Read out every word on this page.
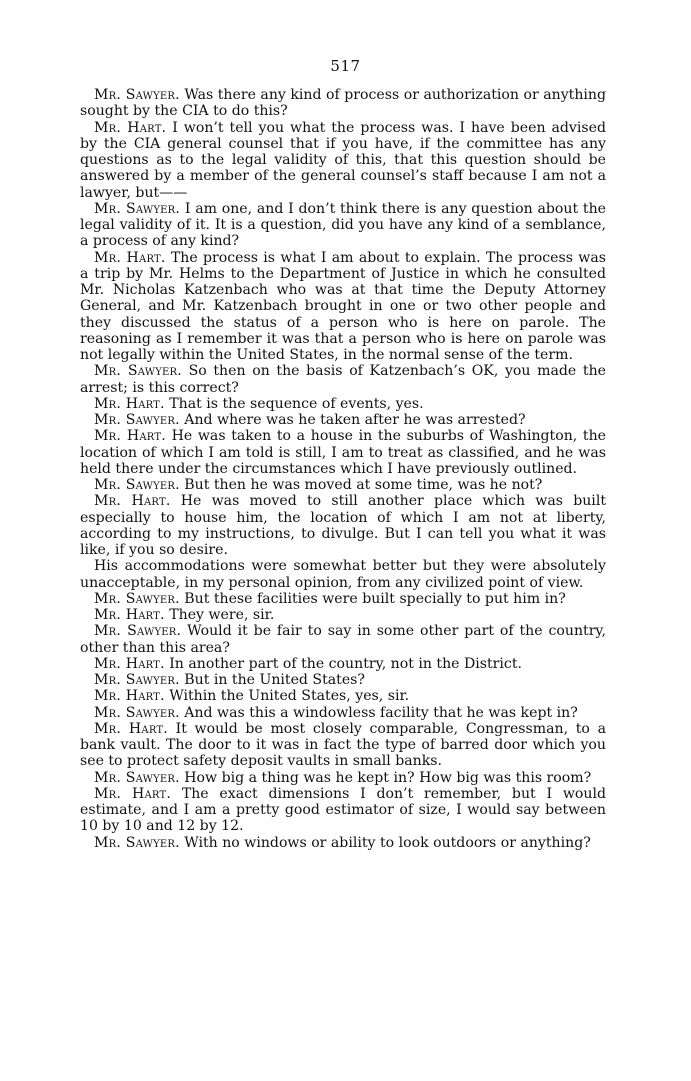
517

Mr. Sawyer. Was there any kind of process or authorization or anything sought by the CIA to do this?

Mr. Hart. I won’t tell you what the process was. I have been advised by the CIA general counsel that if you have, if the committee has any questions as to the legal validity of this, that this question should be answered by a member of the general counsel’s staff because I am not a lawyer, but——

Mr. Sawyer. I am one, and I don’t think there is any question about the legal validity of it. It is a question, did you have any kind of a semblance, a process of any kind?

Mr. Hart. The process is what I am about to explain. The process was a trip by Mr. Helms to the Department of Justice in which he consulted Mr. Nicholas Katzenbach who was at that time the Deputy Attorney General, and Mr. Katzenbach brought in one or two other people and they discussed the status of a person who is here on parole. The reasoning as I remember it was that a person who is here on parole was not legally within the United States, in the normal sense of the term.

Mr. Sawyer. So then on the basis of Katzenbach’s OK, you made the arrest; is this correct?

Mr. Hart. That is the sequence of events, yes.

Mr. Sawyer. And where was he taken after he was arrested?

Mr. Hart. He was taken to a house in the suburbs of Washington, the location of which I am told is still, I am to treat as classified, and he was held there under the circumstances which I have previously outlined.

Mr. Sawyer. But then he was moved at some time, was he not?

Mr. Hart. He was moved to still another place which was built especially to house him, the location of which I am not at liberty, according to my instructions, to divulge. But I can tell you what it was like, if you so desire.

His accommodations were somewhat better but they were absolutely unacceptable, in my personal opinion, from any civilized point of view.

Mr. Sawyer. But these facilities were built specially to put him in?

Mr. Hart. They were, sir.

Mr. Sawyer. Would it be fair to say in some other part of the country, other than this area?

Mr. Hart. In another part of the country, not in the District.

Mr. Sawyer. But in the United States?

Mr. Hart. Within the United States, yes, sir.

Mr. Sawyer. And was this a windowless facility that he was kept in?

Mr. Hart. It would be most closely comparable, Congressman, to a bank vault. The door to it was in fact the type of barred door which you see to protect safety deposit vaults in small banks.

Mr. Sawyer. How big a thing was he kept in? How big was this room?

Mr. Hart. The exact dimensions I don’t remember, but I would estimate, and I am a pretty good estimator of size, I would say between 10 by 10 and 12 by 12.

Mr. Sawyer. With no windows or ability to look outdoors or anything?
